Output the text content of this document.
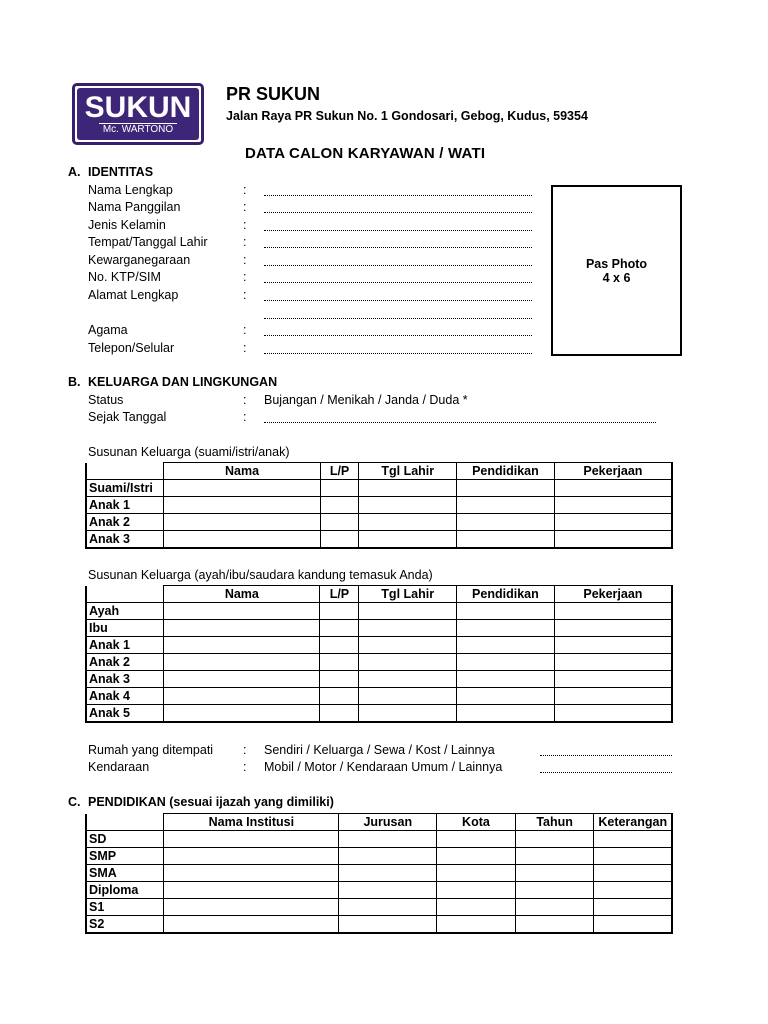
SUKUN
Mc. WARTONO
PR SUKUN
Jalan Raya PR Sukun No. 1 Gondosari, Gebog, Kudus, 59354
DATA CALON KARYAWAN / WATI
A. IDENTITAS
Nama Lengkap	:
Nama Panggilan	:
Jenis Kelamin	:
Tempat/Tanggal Lahir	:
Kewarganegaraan	:
No. KTP/SIM	:
Alamat Lengkap	:
Agama	:
Telepon/Selular	:
Pas Photo
4 x 6
B. KELUARGA DAN LINGKUNGAN
Status	: Bujangan / Menikah / Janda / Duda *
Sejak Tanggal	:
Susunan Keluarga (suami/istri/anak)
	Nama	L/P	Tgl Lahir	Pendidikan	Pekerjaan
Suami/Istri					
Anak 1					
Anak 2					
Anak 3					
Susunan Keluarga (ayah/ibu/saudara kandung temasuk Anda)
	Nama	L/P	Tgl Lahir	Pendidikan	Pekerjaan
Ayah					
Ibu					
Anak 1					
Anak 2					
Anak 3					
Anak 4					
Anak 5					
Rumah yang ditempati : Sendiri / Keluarga / Sewa / Kost / Lainnya
Kendaraan	: Mobil / Motor / Kendaraan Umum / Lainnya
C. PENDIDIKAN (sesuai ijazah yang dimiliki)
	Nama Institusi	Jurusan	Kota	Tahun	Keterangan
SD					
SMP					
SMA					
Diploma					
S1					
S2					
